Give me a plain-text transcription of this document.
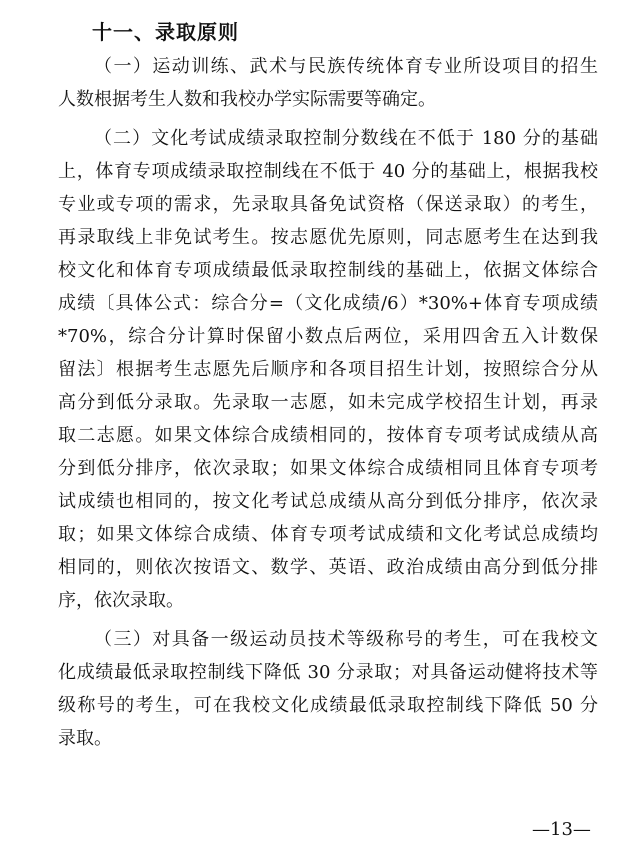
十一、录取原则
（一）运动训练、武术与民族传统体育专业所设项目的招生
人数根据考生人数和我校办学实际需要等确定。
（二）文化考试成绩录取控制分数线在不低于 180 分的基础
上，体育专项成绩录取控制线在不低于 40 分的基础上，根据我校
专业或专项的需求，先录取具备免试资格（保送录取）的考生，
再录取线上非免试考生。按志愿优先原则，同志愿考生在达到我
校文化和体育专项成绩最低录取控制线的基础上，依据文体综合
成绩〔具体公式：综合分=（文化成绩/6）*30%+体育专项成绩
*70%，综合分计算时保留小数点后两位，采用四舍五入计数保
留法〕根据考生志愿先后顺序和各项目招生计划，按照综合分从
高分到低分录取。先录取一志愿，如未完成学校招生计划，再录
取二志愿。如果文体综合成绩相同的，按体育专项考试成绩从高
分到低分排序，依次录取；如果文体综合成绩相同且体育专项考
试成绩也相同的，按文化考试总成绩从高分到低分排序，依次录
取；如果文体综合成绩、体育专项考试成绩和文化考试总成绩均
相同的，则依次按语文、数学、英语、政治成绩由高分到低分排
序，依次录取。
（三）对具备一级运动员技术等级称号的考生，可在我校文
化成绩最低录取控制线下降低 30 分录取；对具备运动健将技术等
级称号的考生，可在我校文化成绩最低录取控制线下降低 50 分
录取。
—13—
